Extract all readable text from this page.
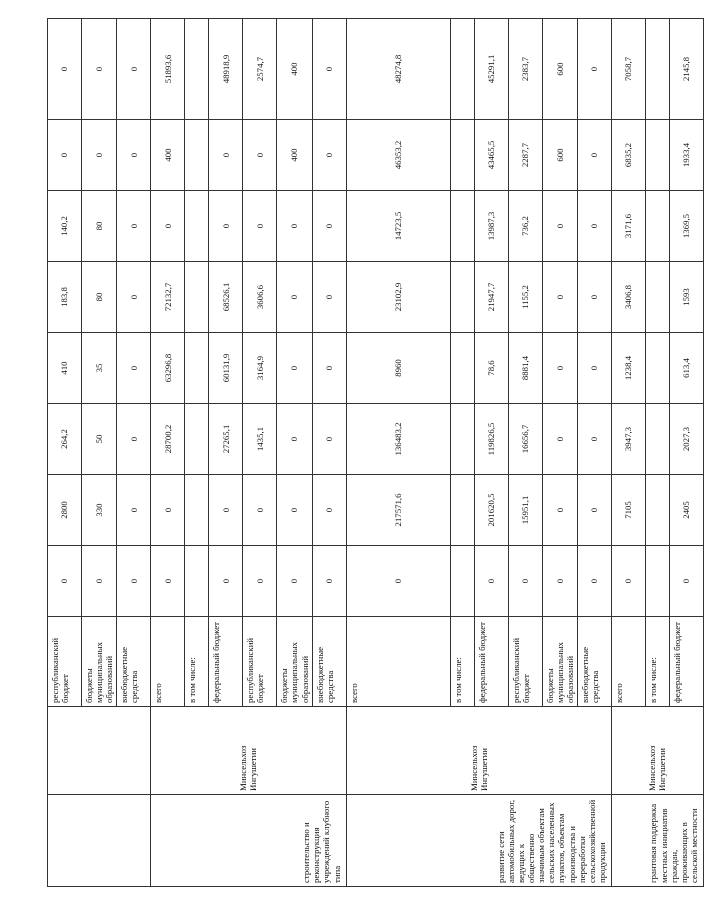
		республиканский бюджет	0	2800	264,2	410	183,8	140,2	0	0
		бюджеты муниципальных образований	0	330	50	35	80	80	0	0
		внебюджетные средства	0	0	0	0	0	0	0	0
строительство и реконструкция учреждений клубного типа	Минсельхоз Ингушетии	всего	0	0	28700,2	63296,8	72132,7	0	400	51893,6
		в том числе:								
		федеральный бюджет	0	0	27265,1	60131,9	68526,1	0	0	48918,9
		республиканский бюджет	0	0	1435,1	3164,9	3606,6	0	0	2574,7
		бюджеты муниципальных образований	0	0	0	0	0	0	400	400
		внебюджетные средства	0	0	0	0	0	0	0	0
развитие сети автомобильных дорог, ведущих к общественно значимым объектам сельских населенных пунктов, объектам производства и переработки сельскохозяйственной продукции	Минсельхоз Ингушетии	всего	0	217571,6	136483,2	8960	23102,9	14723,5	46353,2	48274,8
		в том числе:								
		федеральный бюджет	0	201620,5	119826,5	78,6	21947,7	13987,3	43465,5	45291,1
		республиканский бюджет	0	15951,1	16656,7	8881,4	1155,2	736,2	2287,7	2383,7
		бюджеты муниципальных образований	0	0	0	0	0	0	600	600
		внебюджетные средства	0	0	0	0	0	0	0	0
грантовая поддержка местных инициатив граждан, проживающих в сельской местности	Минсельхоз Ингушетии	всего	0	7105	3947,3	1238,4	3406,8	3171,6	6835,2	7058,7
		в том числе:								
		федеральный бюджет	0	2405	2027,3	613,4	1593	1369,5	1933,4	2145,8
